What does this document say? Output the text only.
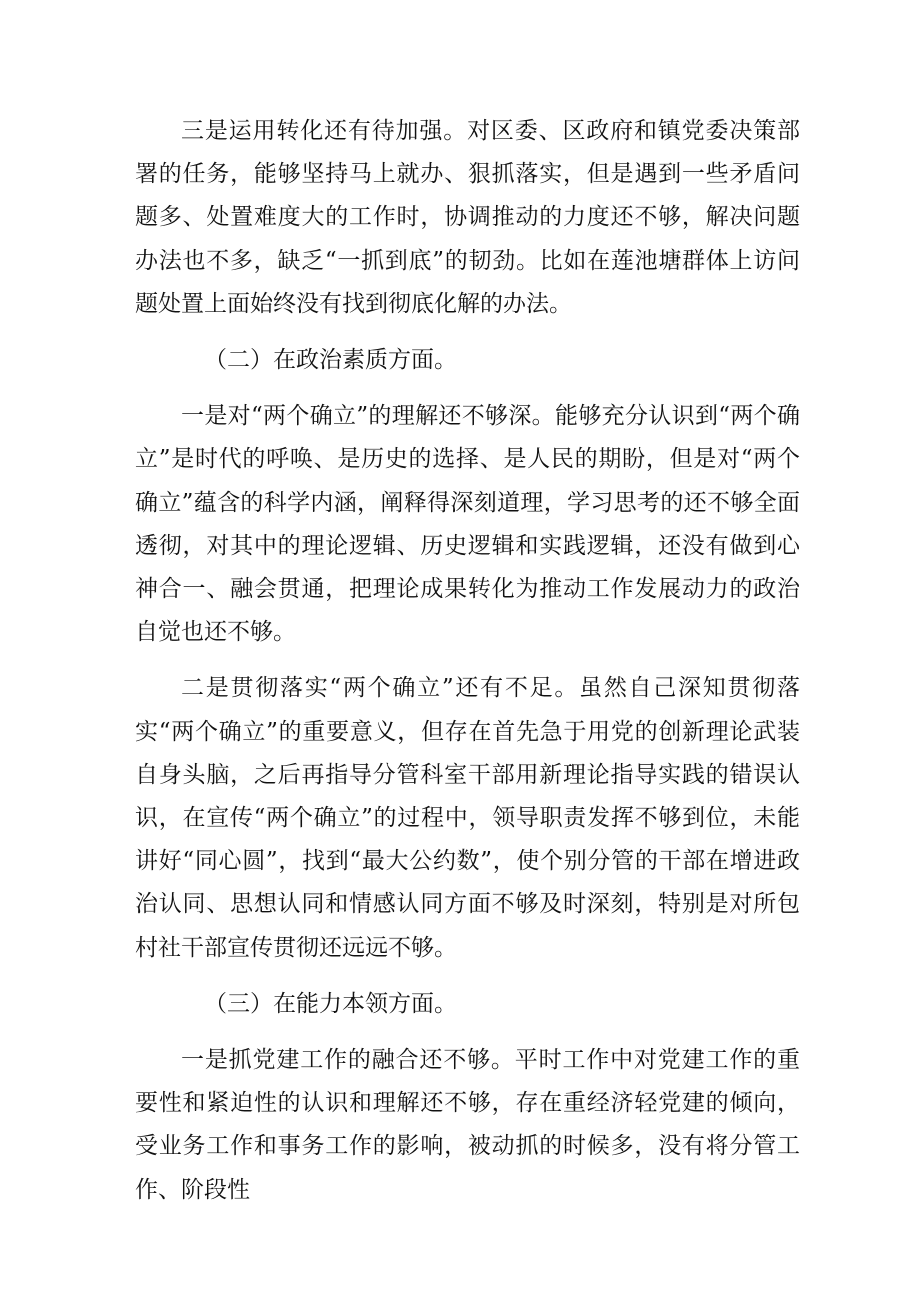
三是运用转化还有待加强。对区委、区政府和镇党委决策部署的任务，能够坚持马上就办、狠抓落实，但是遇到一些矛盾问题多、处置难度大的工作时，协调推动的力度还不够，解决问题办法也不多，缺乏“一抓到底”的韧劲。比如在莲池塘群体上访问题处置上面始终没有找到彻底化解的办法。

（二）在政治素质方面。

一是对“两个确立”的理解还不够深。能够充分认识到“两个确立”是时代的呼唤、是历史的选择、是人民的期盼，但是对“两个确立”蕴含的科学内涵，阐释得深刻道理，学习思考的还不够全面透彻，对其中的理论逻辑、历史逻辑和实践逻辑，还没有做到心神合一、融会贯通，把理论成果转化为推动工作发展动力的政治自觉也还不够。

二是贯彻落实“两个确立”还有不足。虽然自己深知贯彻落实“两个确立”的重要意义，但存在首先急于用党的创新理论武装自身头脑，之后再指导分管科室干部用新理论指导实践的错误认识，在宣传“两个确立”的过程中，领导职责发挥不够到位，未能讲好“同心圆”，找到“最大公约数”，使个别分管的干部在增进政治认同、思想认同和情感认同方面不够及时深刻，特别是对所包村社干部宣传贯彻还远远不够。

（三）在能力本领方面。

一是抓党建工作的融合还不够。平时工作中对党建工作的重要性和紧迫性的认识和理解还不够，存在重经济轻党建的倾向，受业务工作和事务工作的影响，被动抓的时候多，没有将分管工作、阶段性
